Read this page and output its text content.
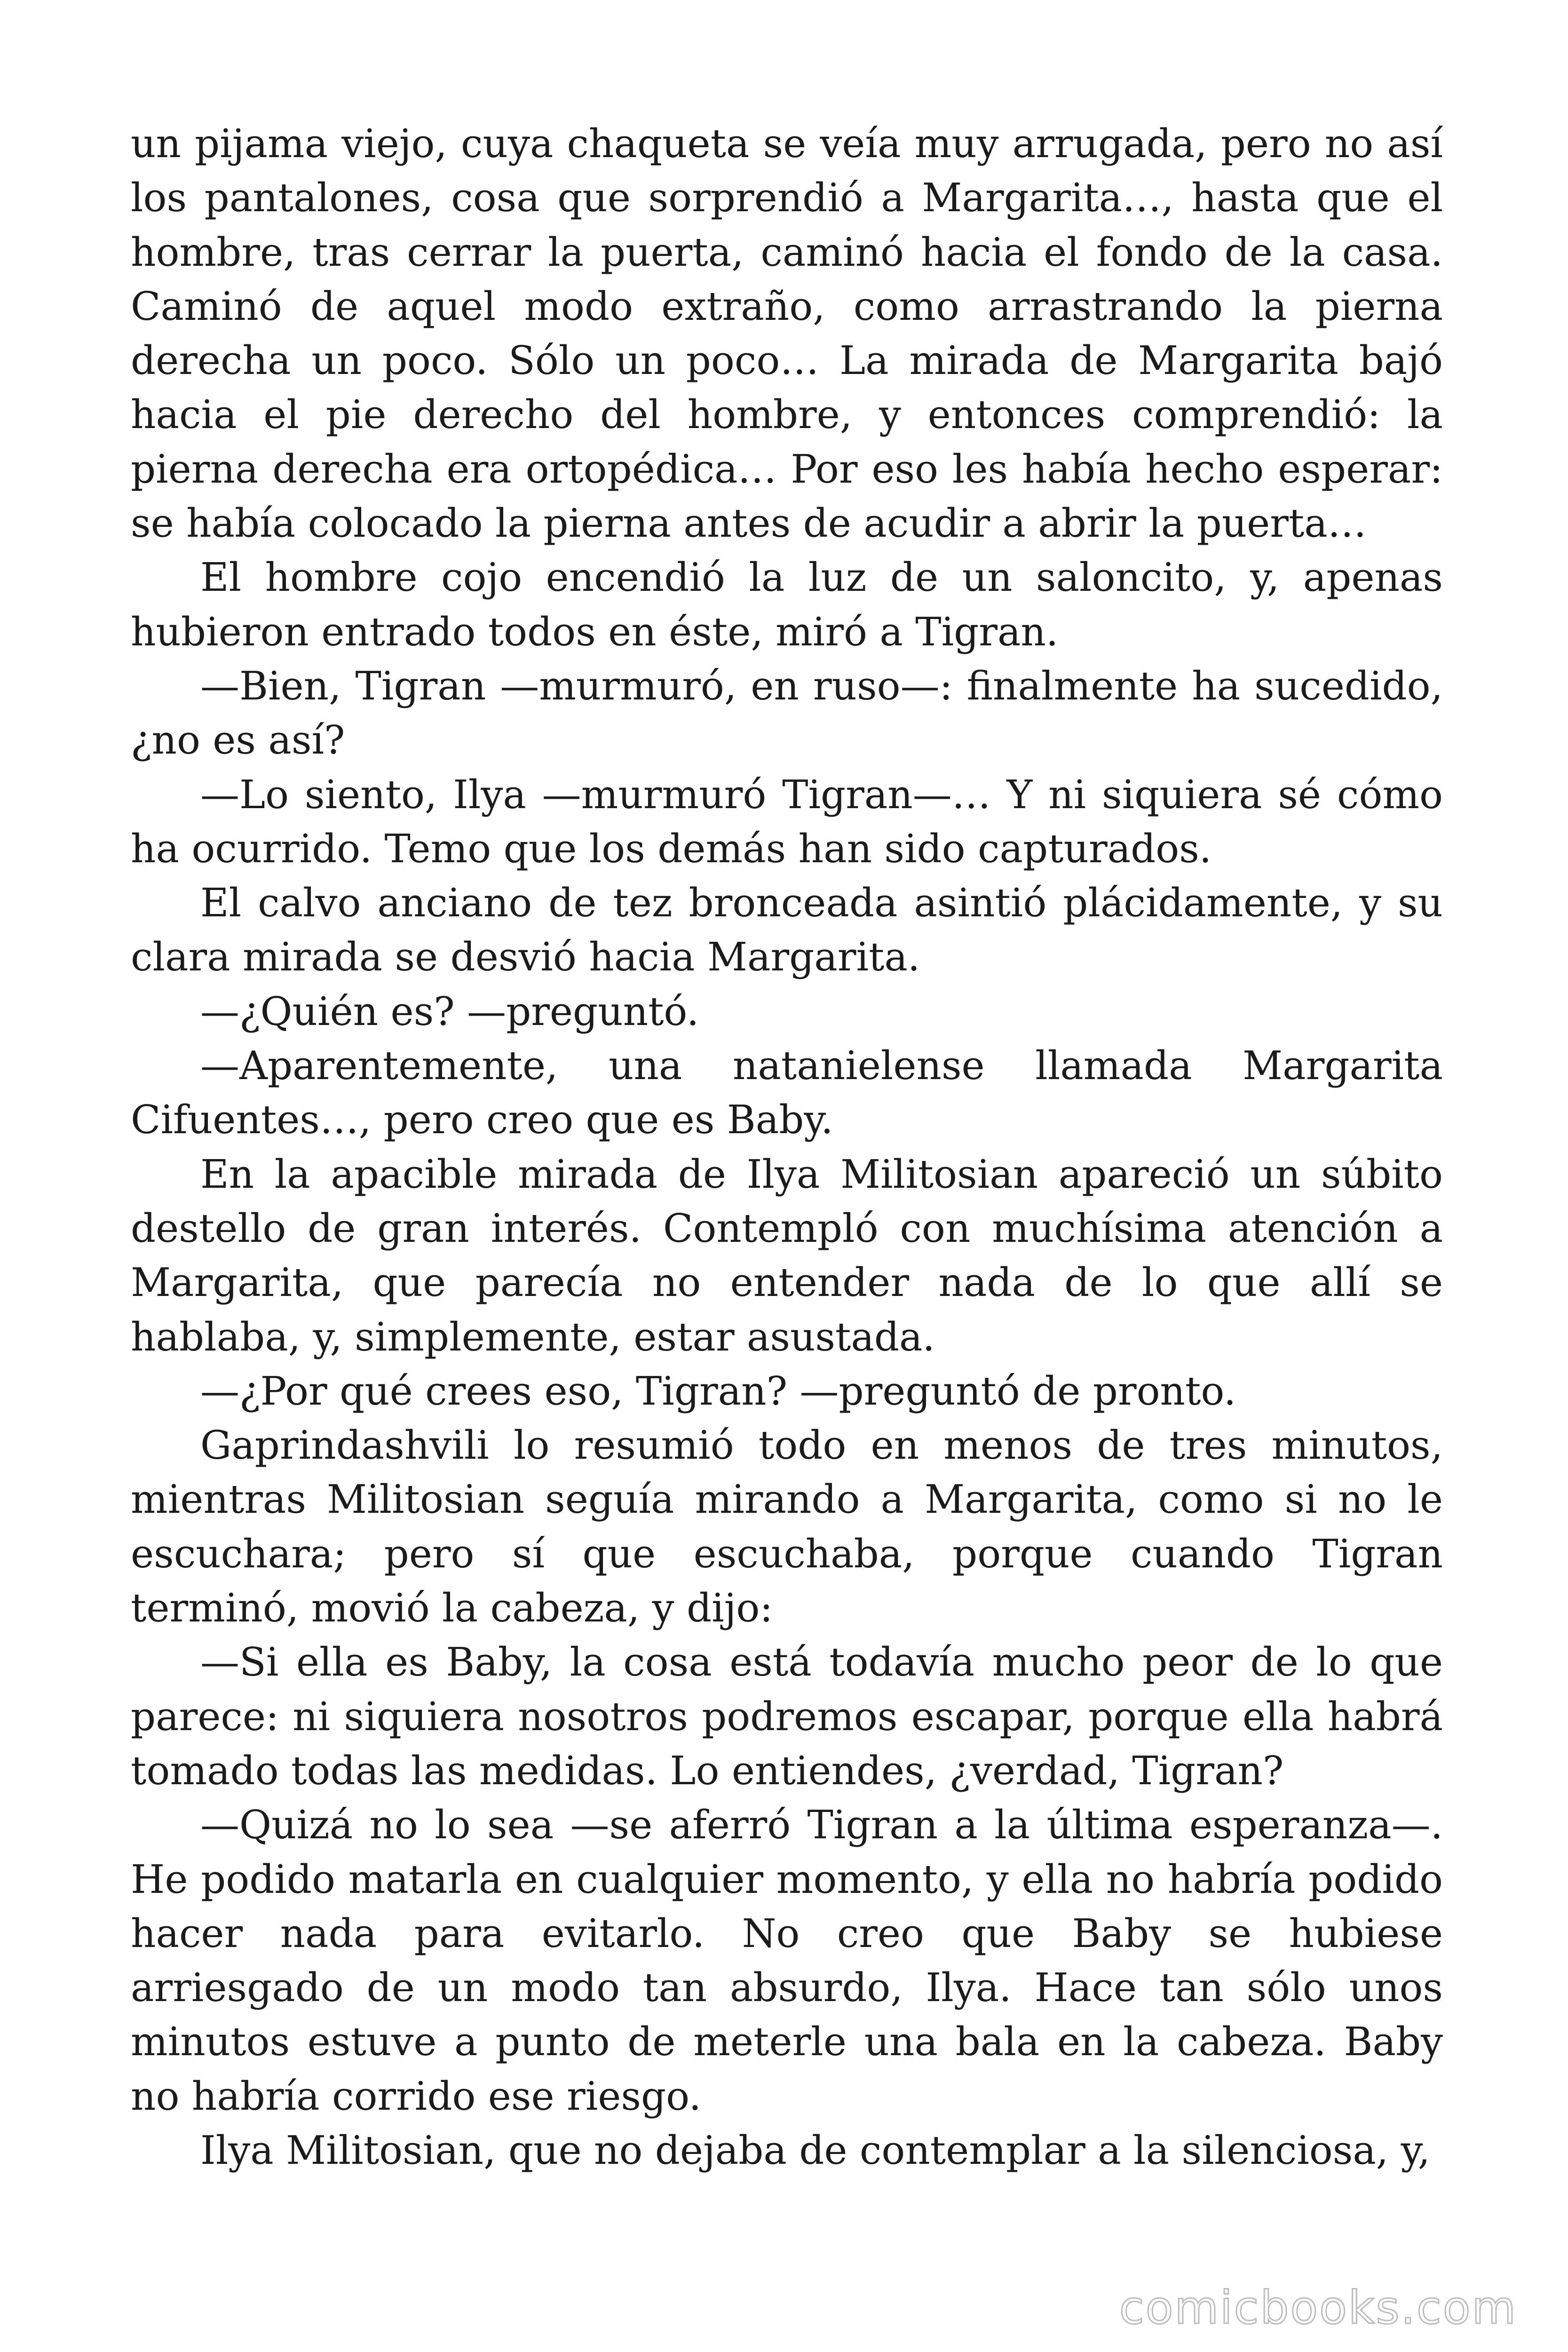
un pijama viejo, cuya chaqueta se veía muy arrugada, pero no así los pantalones, cosa que sorprendió a Margarita…, hasta que el hombre, tras cerrar la puerta, caminó hacia el fondo de la casa. Caminó de aquel modo extraño, como arrastrando la pierna derecha un poco. Sólo un poco… La mirada de Margarita bajó hacia el pie derecho del hombre, y entonces comprendió: la pierna derecha era ortopédica… Por eso les había hecho esperar: se había colocado la pierna antes de acudir a abrir la puerta…

El hombre cojo encendió la luz de un saloncito, y, apenas hubieron entrado todos en éste, miró a Tigran.

—Bien, Tigran —murmuró, en ruso—: finalmente ha sucedido, ¿no es así?

—Lo siento, Ilya —murmuró Tigran—… Y ni siquiera sé cómo ha ocurrido. Temo que los demás han sido capturados.

El calvo anciano de tez bronceada asintió plácidamente, y su clara mirada se desvió hacia Margarita.

—¿Quién es? —preguntó.

—Aparentemente, una natanielense llamada Margarita Cifuentes…, pero creo que es Baby.

En la apacible mirada de Ilya Militosian apareció un súbito destello de gran interés. Contempló con muchísima atención a Margarita, que parecía no entender nada de lo que allí se hablaba, y, simplemente, estar asustada.

—¿Por qué crees eso, Tigran? —preguntó de pronto.

Gaprindashvili lo resumió todo en menos de tres minutos, mientras Militosian seguía mirando a Margarita, como si no le escuchara; pero sí que escuchaba, porque cuando Tigran terminó, movió la cabeza, y dijo:

—Si ella es Baby, la cosa está todavía mucho peor de lo que parece: ni siquiera nosotros podremos escapar, porque ella habrá tomado todas las medidas. Lo entiendes, ¿verdad, Tigran?

—Quizá no lo sea —se aferró Tigran a la última esperanza—. He podido matarla en cualquier momento, y ella no habría podido hacer nada para evitarlo. No creo que Baby se hubiese arriesgado de un modo tan absurdo, Ilya. Hace tan sólo unos minutos estuve a punto de meterle una bala en la cabeza. Baby no habría corrido ese riesgo.

Ilya Militosian, que no dejaba de contemplar a la silenciosa, y,

comicbooks.com
